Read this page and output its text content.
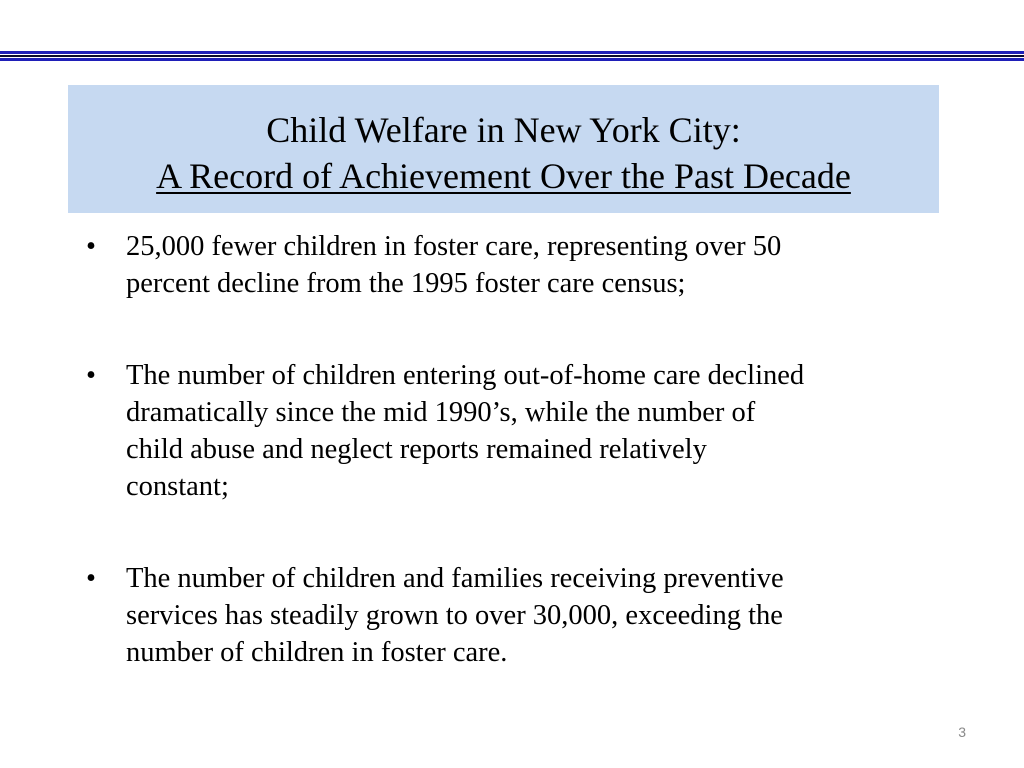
Child Welfare in New York City:
A Record of Achievement Over the Past Decade
• 25,000 fewer children in foster care, representing over 50
percent decline from the 1995 foster care census;
• The number of children entering out-of-home care declined
dramatically since the mid 1990’s, while the number of
child abuse and neglect reports remained relatively
constant;
• The number of children and families receiving preventive
services has steadily grown to over 30,000, exceeding the
number of children in foster care.
3
